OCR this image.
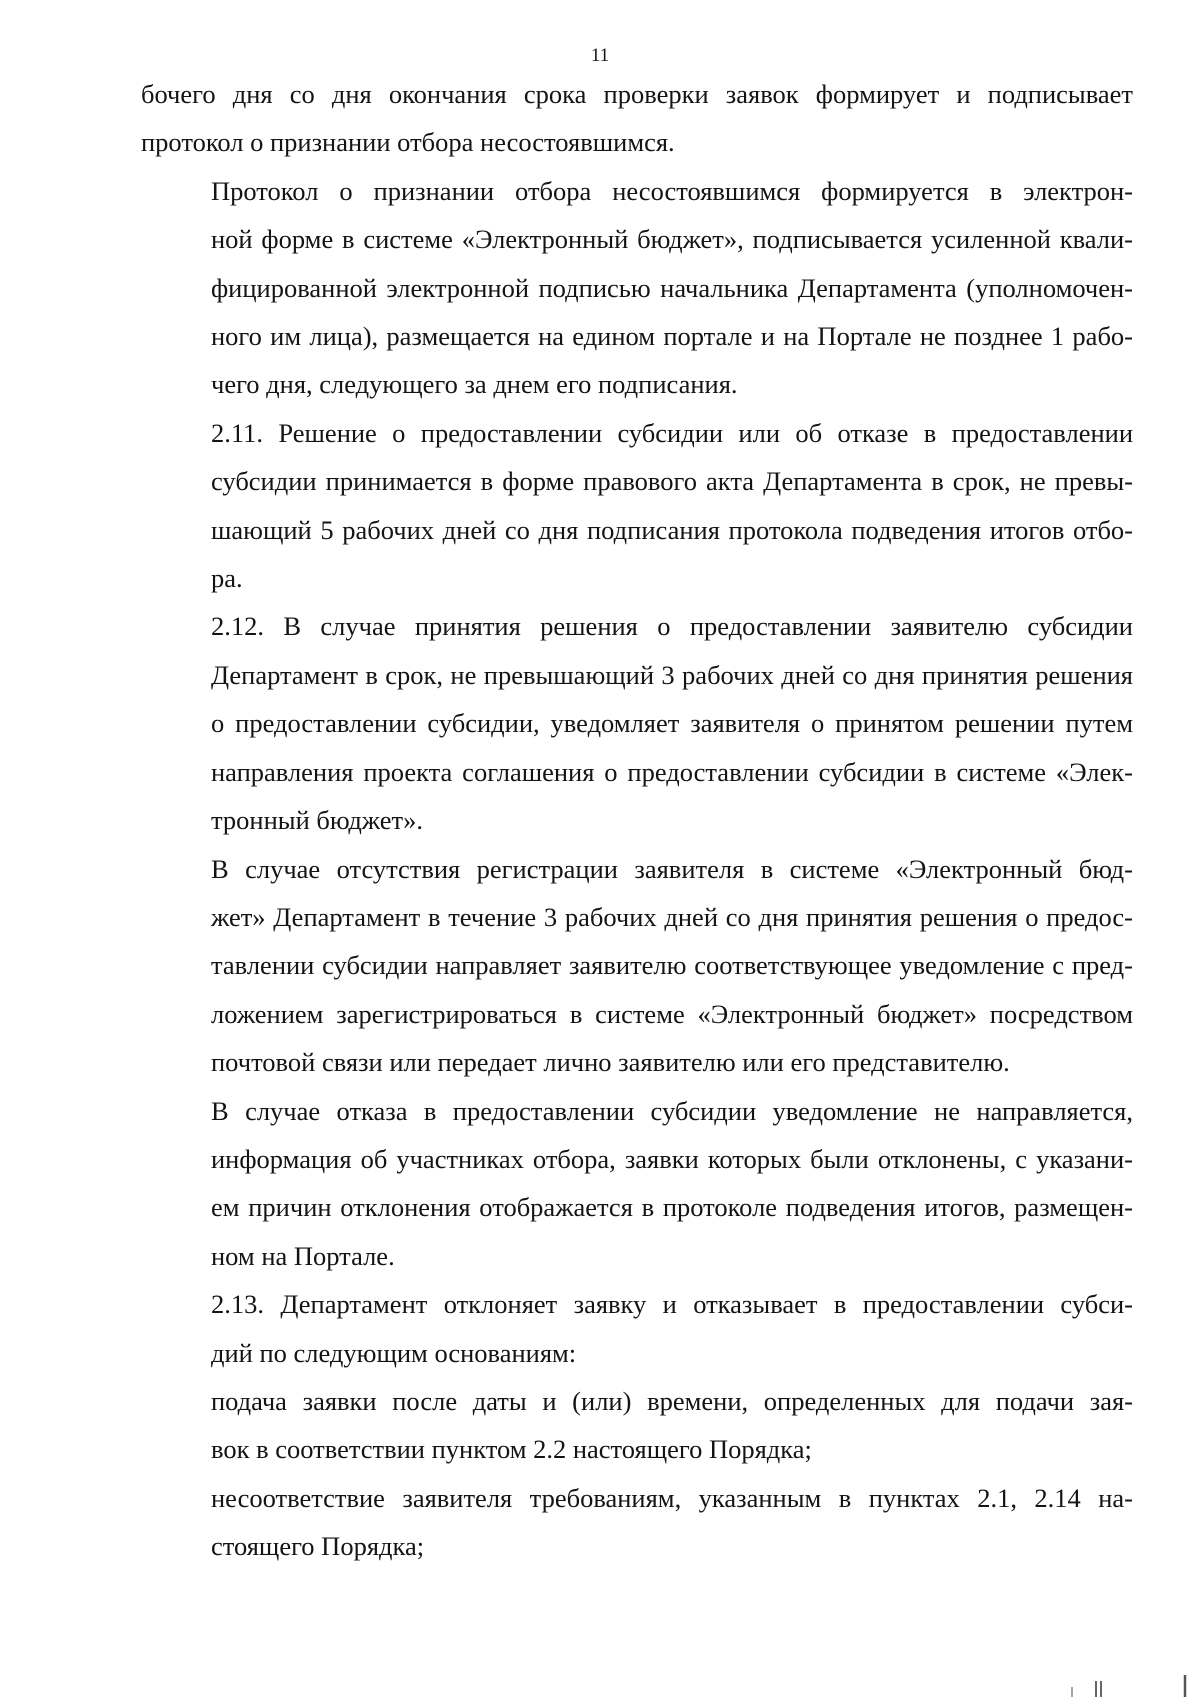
11

бочего дня со дня окончания срока проверки заявок формирует и подписывает
протокол о признании отбора несостоявшимся.

Протокол о признании отбора несостоявшимся формируется в электрон-
ной форме в системе «Электронный бюджет», подписывается усиленной квали-
фицированной электронной подписью начальника Департамента (уполномочен-
ного им лица), размещается на едином портале и на Портале не позднее 1 рабо-
чего дня, следующего за днем его подписания.

2.11. Решение о предоставлении субсидии или об отказе в предоставлении
субсидии принимается в форме правового акта Департамента в срок, не превы-
шающий 5 рабочих дней со дня подписания протокола подведения итогов отбо-
ра.

2.12. В случае принятия решения о предоставлении заявителю субсидии
Департамент в срок, не превышающий 3 рабочих дней со дня принятия решения
о предоставлении субсидии, уведомляет заявителя о принятом решении путем
направления проекта соглашения о предоставлении субсидии в системе «Элек-
тронный бюджет».

В случае отсутствия регистрации заявителя в системе «Электронный бюд-
жет» Департамент в течение 3 рабочих дней со дня принятия решения о предос-
тавлении субсидии направляет заявителю соответствующее уведомление с пред-
ложением зарегистрироваться в системе «Электронный бюджет» посредством
почтовой связи или передает лично заявителю или его представителю.

В случае отказа в предоставлении субсидии уведомление не направляется,
информация об участниках отбора, заявки которых были отклонены, с указани-
ем причин отклонения отображается в протоколе подведения итогов, размещен-
ном на Портале.

2.13. Департамент отклоняет заявку и отказывает в предоставлении субси-
дий по следующим основаниям:

подача заявки после даты и (или) времени, определенных для подачи зая-
вок в соответствии пунктом 2.2 настоящего Порядка;

несоответствие заявителя требованиям, указанным в пунктах 2.1, 2.14 на-
стоящего Порядка;
